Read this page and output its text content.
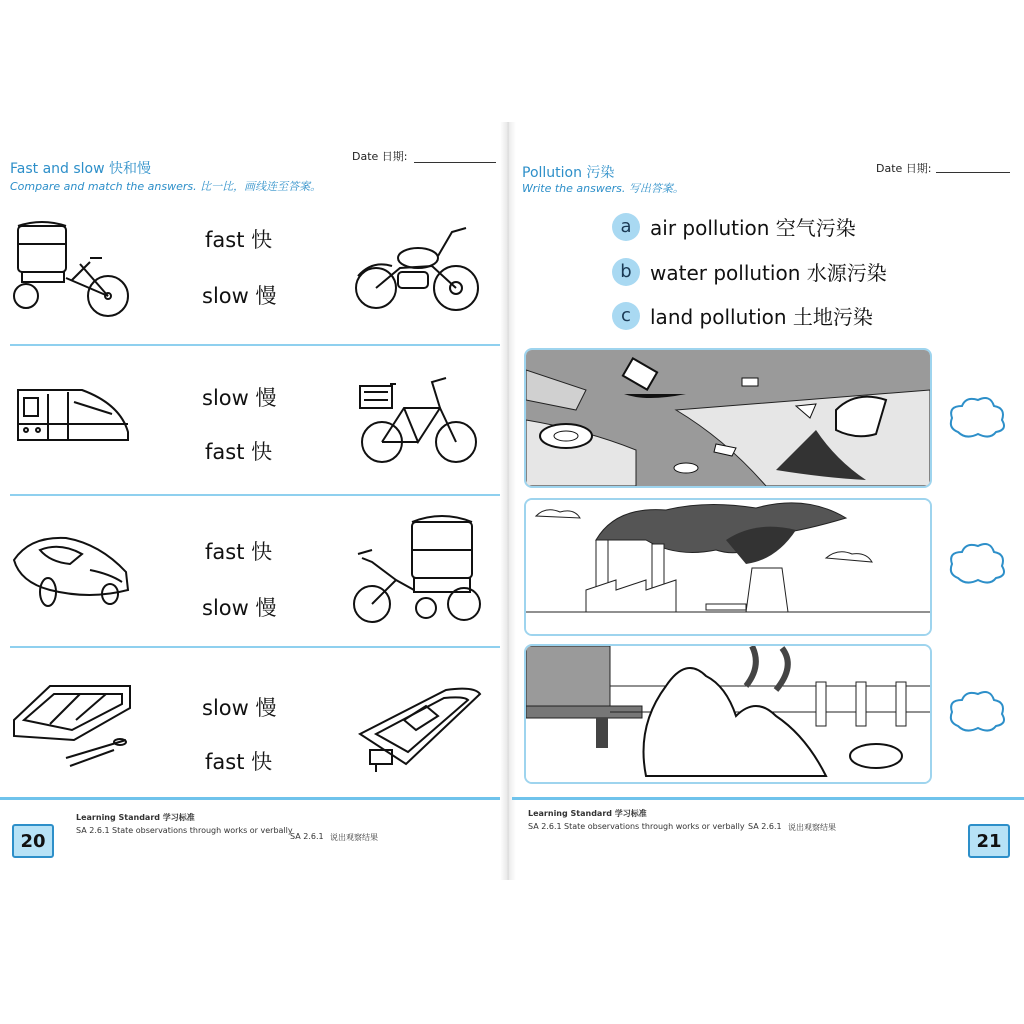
Fast and slow 快和慢
Compare and match the answers. 比一比，画线连至答案。
Date 日期:
fast 快
slow 慢
slow 慢
fast 快
fast 快
slow 慢
slow 慢
fast 快
20
Learning Standard 学习标准
SA 2.6.1 State observations through works or verbally
SA 2.6.1 说出观察结果
Pollution 污染
Write the answers. 写出答案。
Date 日期:
a air pollution 空气污染
b water pollution 水源污染
c land pollution 土地污染
Learning Standard 学习标准
SA 2.6.1 State observations through works or verbally SA 2.6.1 说出观察结果
21
